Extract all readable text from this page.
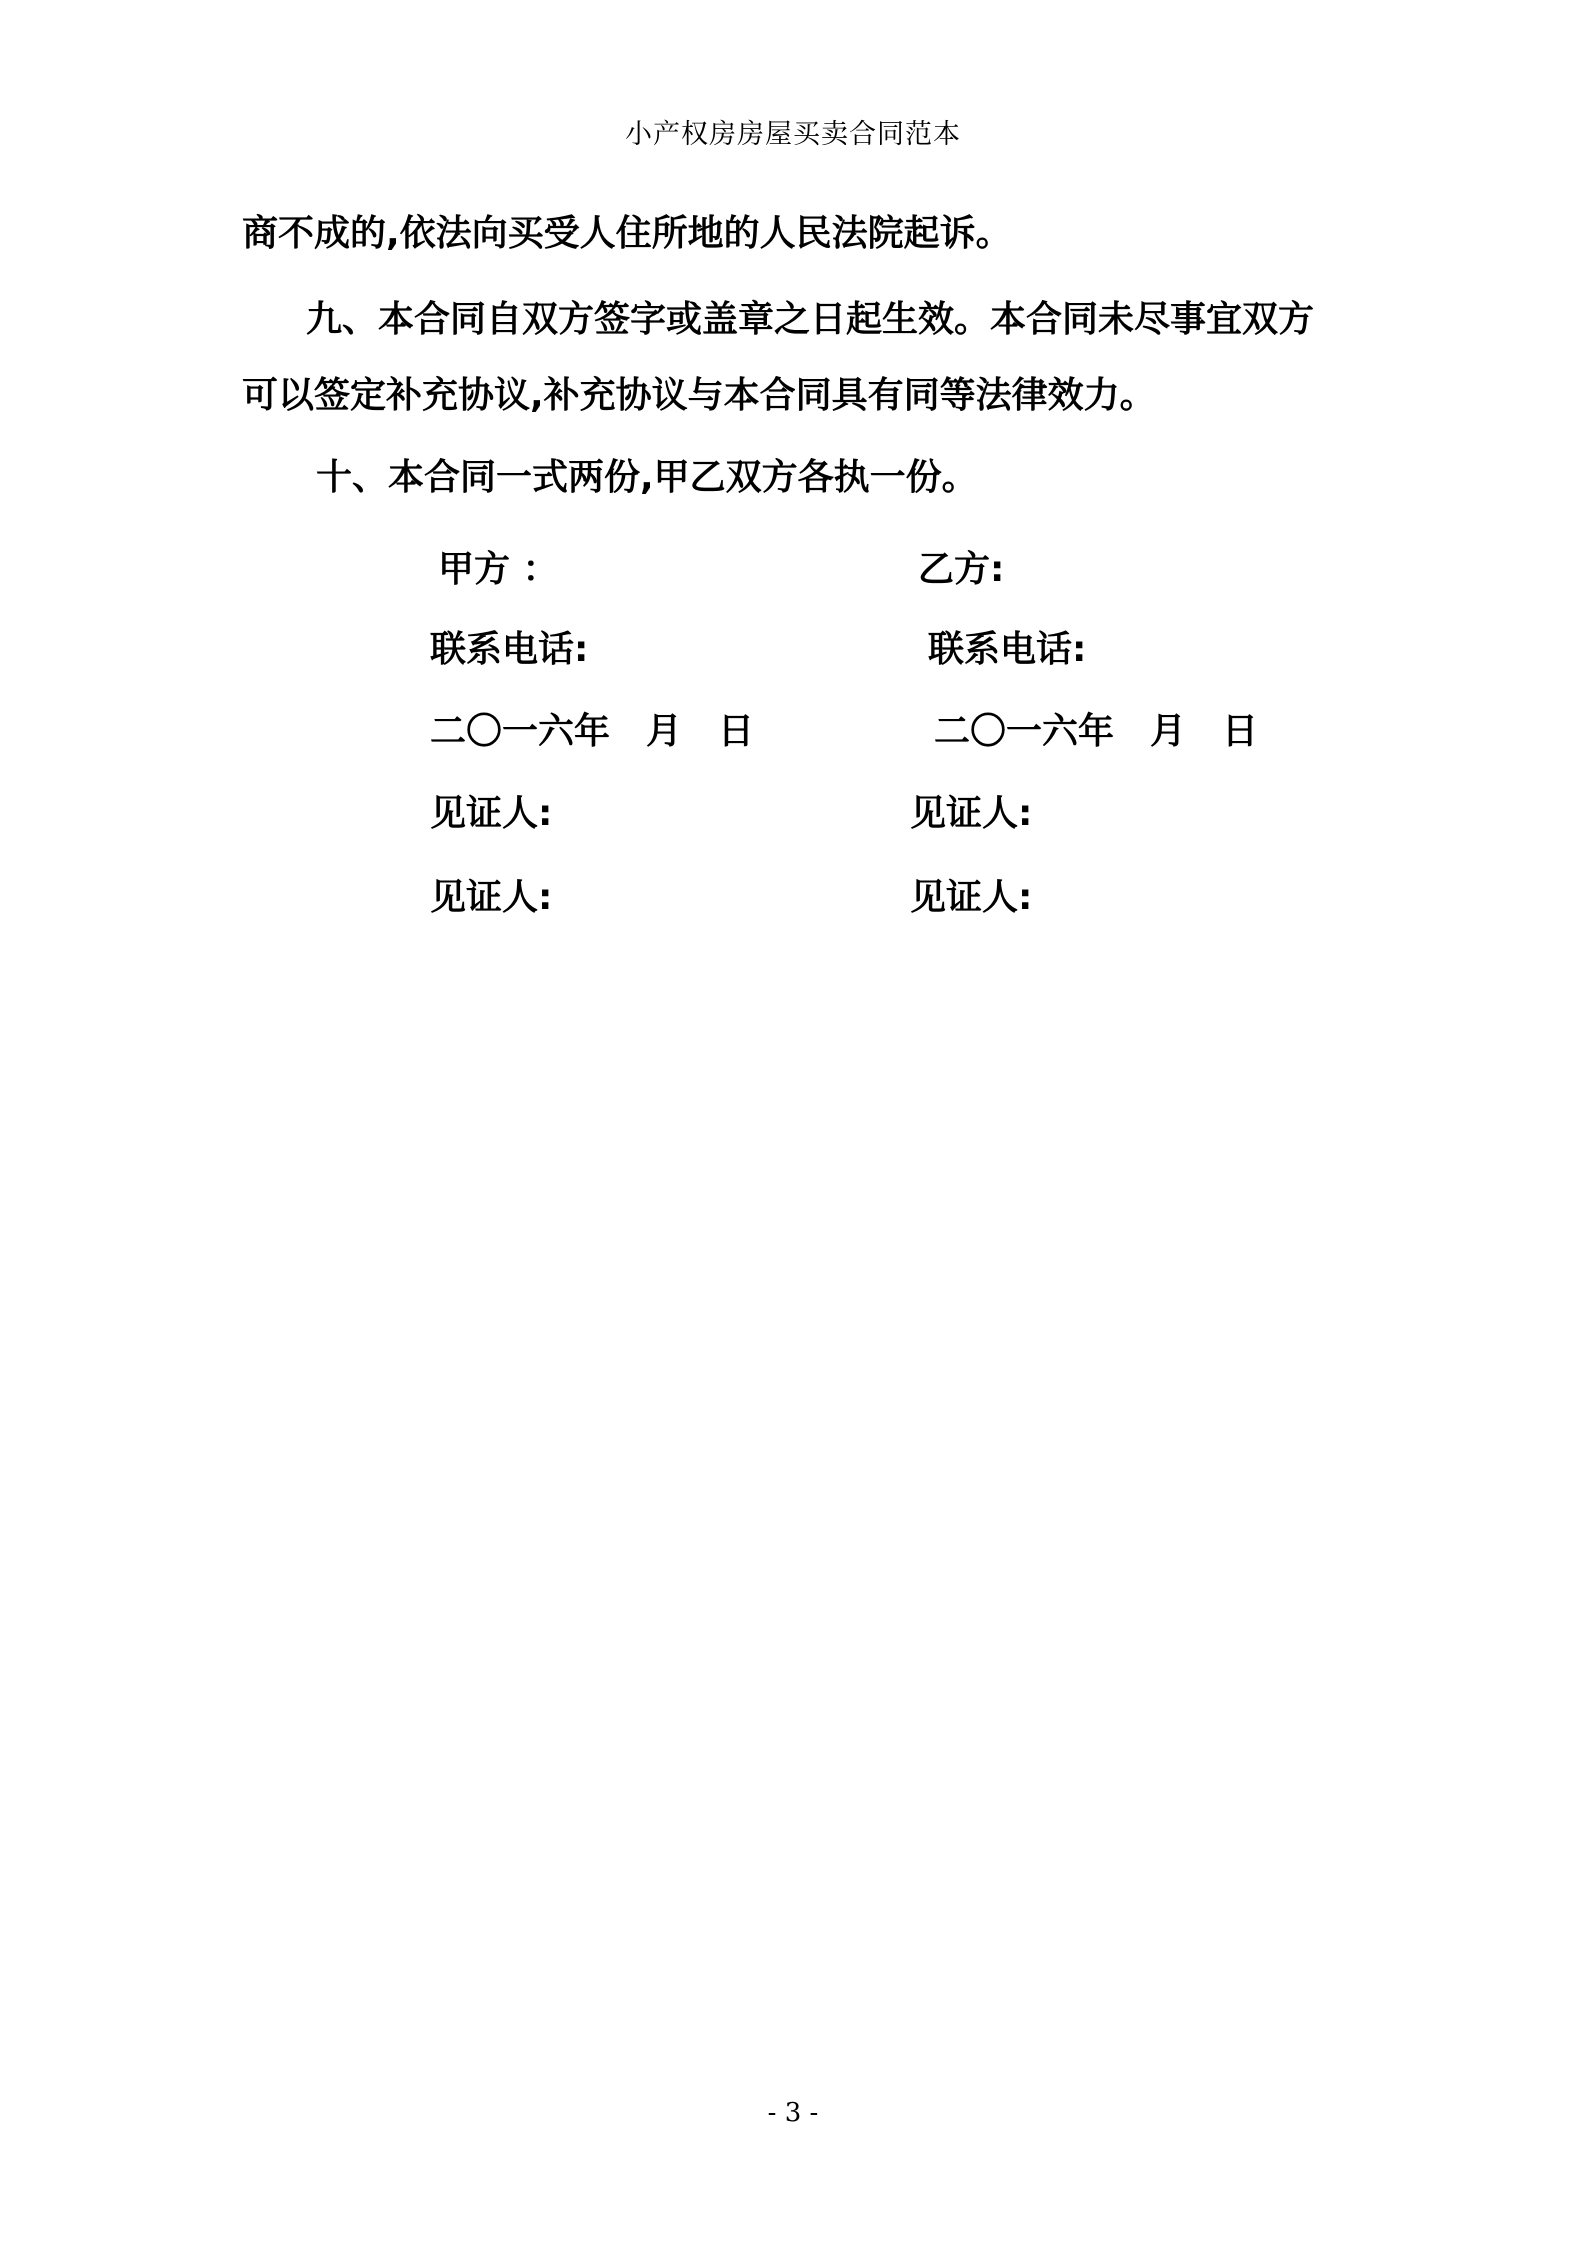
小产权房房屋买卖合同范本
商不成的,依法向买受人住所地的人民法院起诉。
九、本合同自双方签字或盖章之日起生效。本合同未尽事宜双方
可以签定补充协议,补充协议与本合同具有同等法律效力。
十、本合同一式两份,甲乙双方各执一份。
甲方 ：
联系电话:
二〇一六年　月　日
见证人:
见证人:
乙方:
联系电话:
二〇一六年　月　日
见证人:
见证人:
- 3 -
